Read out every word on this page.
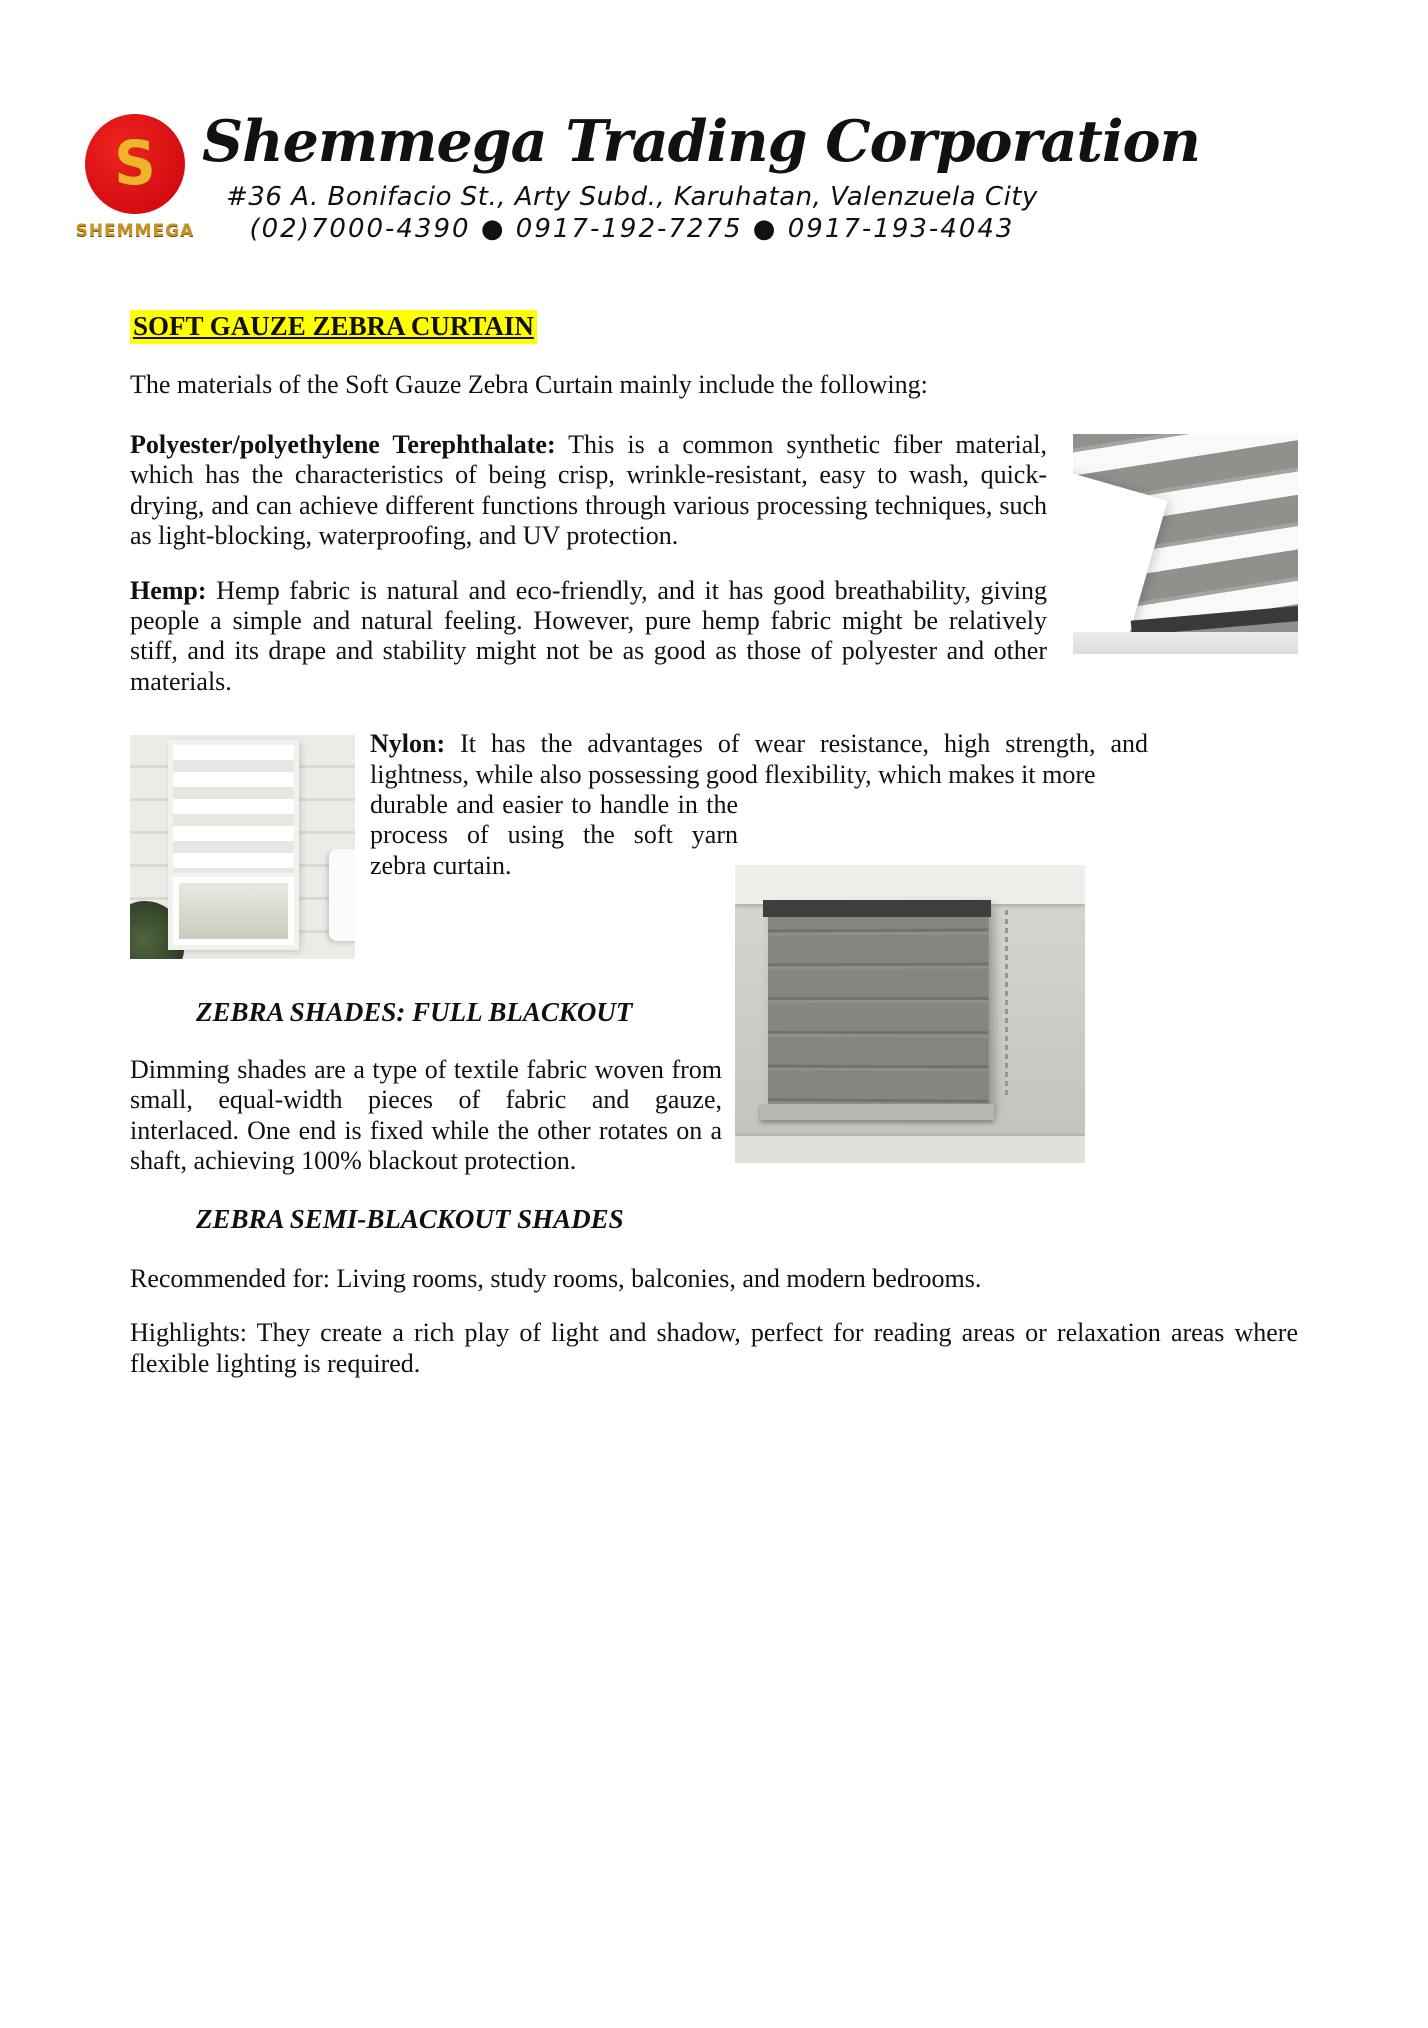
S
SHEMMEGA
Shemmega Trading Corporation
#36 A. Bonifacio St., Arty Subd., Karuhatan, Valenzuela City
(02)7000-4390 ● 0917-192-7275 ● 0917-193-4043
SOFT GAUZE ZEBRA CURTAIN

The materials of the Soft Gauze Zebra Curtain mainly include the following:

Polyester/polyethylene Terephthalate: This is a common synthetic fiber material, which has the characteristics of being crisp, wrinkle-resistant, easy to wash, quick-drying, and can achieve different functions through various processing techniques, such as light-blocking, waterproofing, and UV protection.

Hemp: Hemp fabric is natural and eco-friendly, and it has good breathability, giving people a simple and natural feeling. However, pure hemp fabric might be relatively stiff, and its drape and stability might not be as good as those of polyester and other materials.

Nylon: It has the advantages of wear resistance, high strength, and lightness, while also possessing good flexibility, which makes it more

durable and easier to handle in the process of using the soft yarn zebra curtain.

ZEBRA SHADES: FULL BLACKOUT

Dimming shades are a type of textile fabric woven from small, equal-width pieces of fabric and gauze, interlaced. One end is fixed while the other rotates on a shaft, achieving 100% blackout protection.

ZEBRA SEMI-BLACKOUT SHADES

Recommended for: Living rooms, study rooms, balconies, and modern bedrooms.

Highlights: They create a rich play of light and shadow, perfect for reading areas or relaxation areas where flexible lighting is required.
